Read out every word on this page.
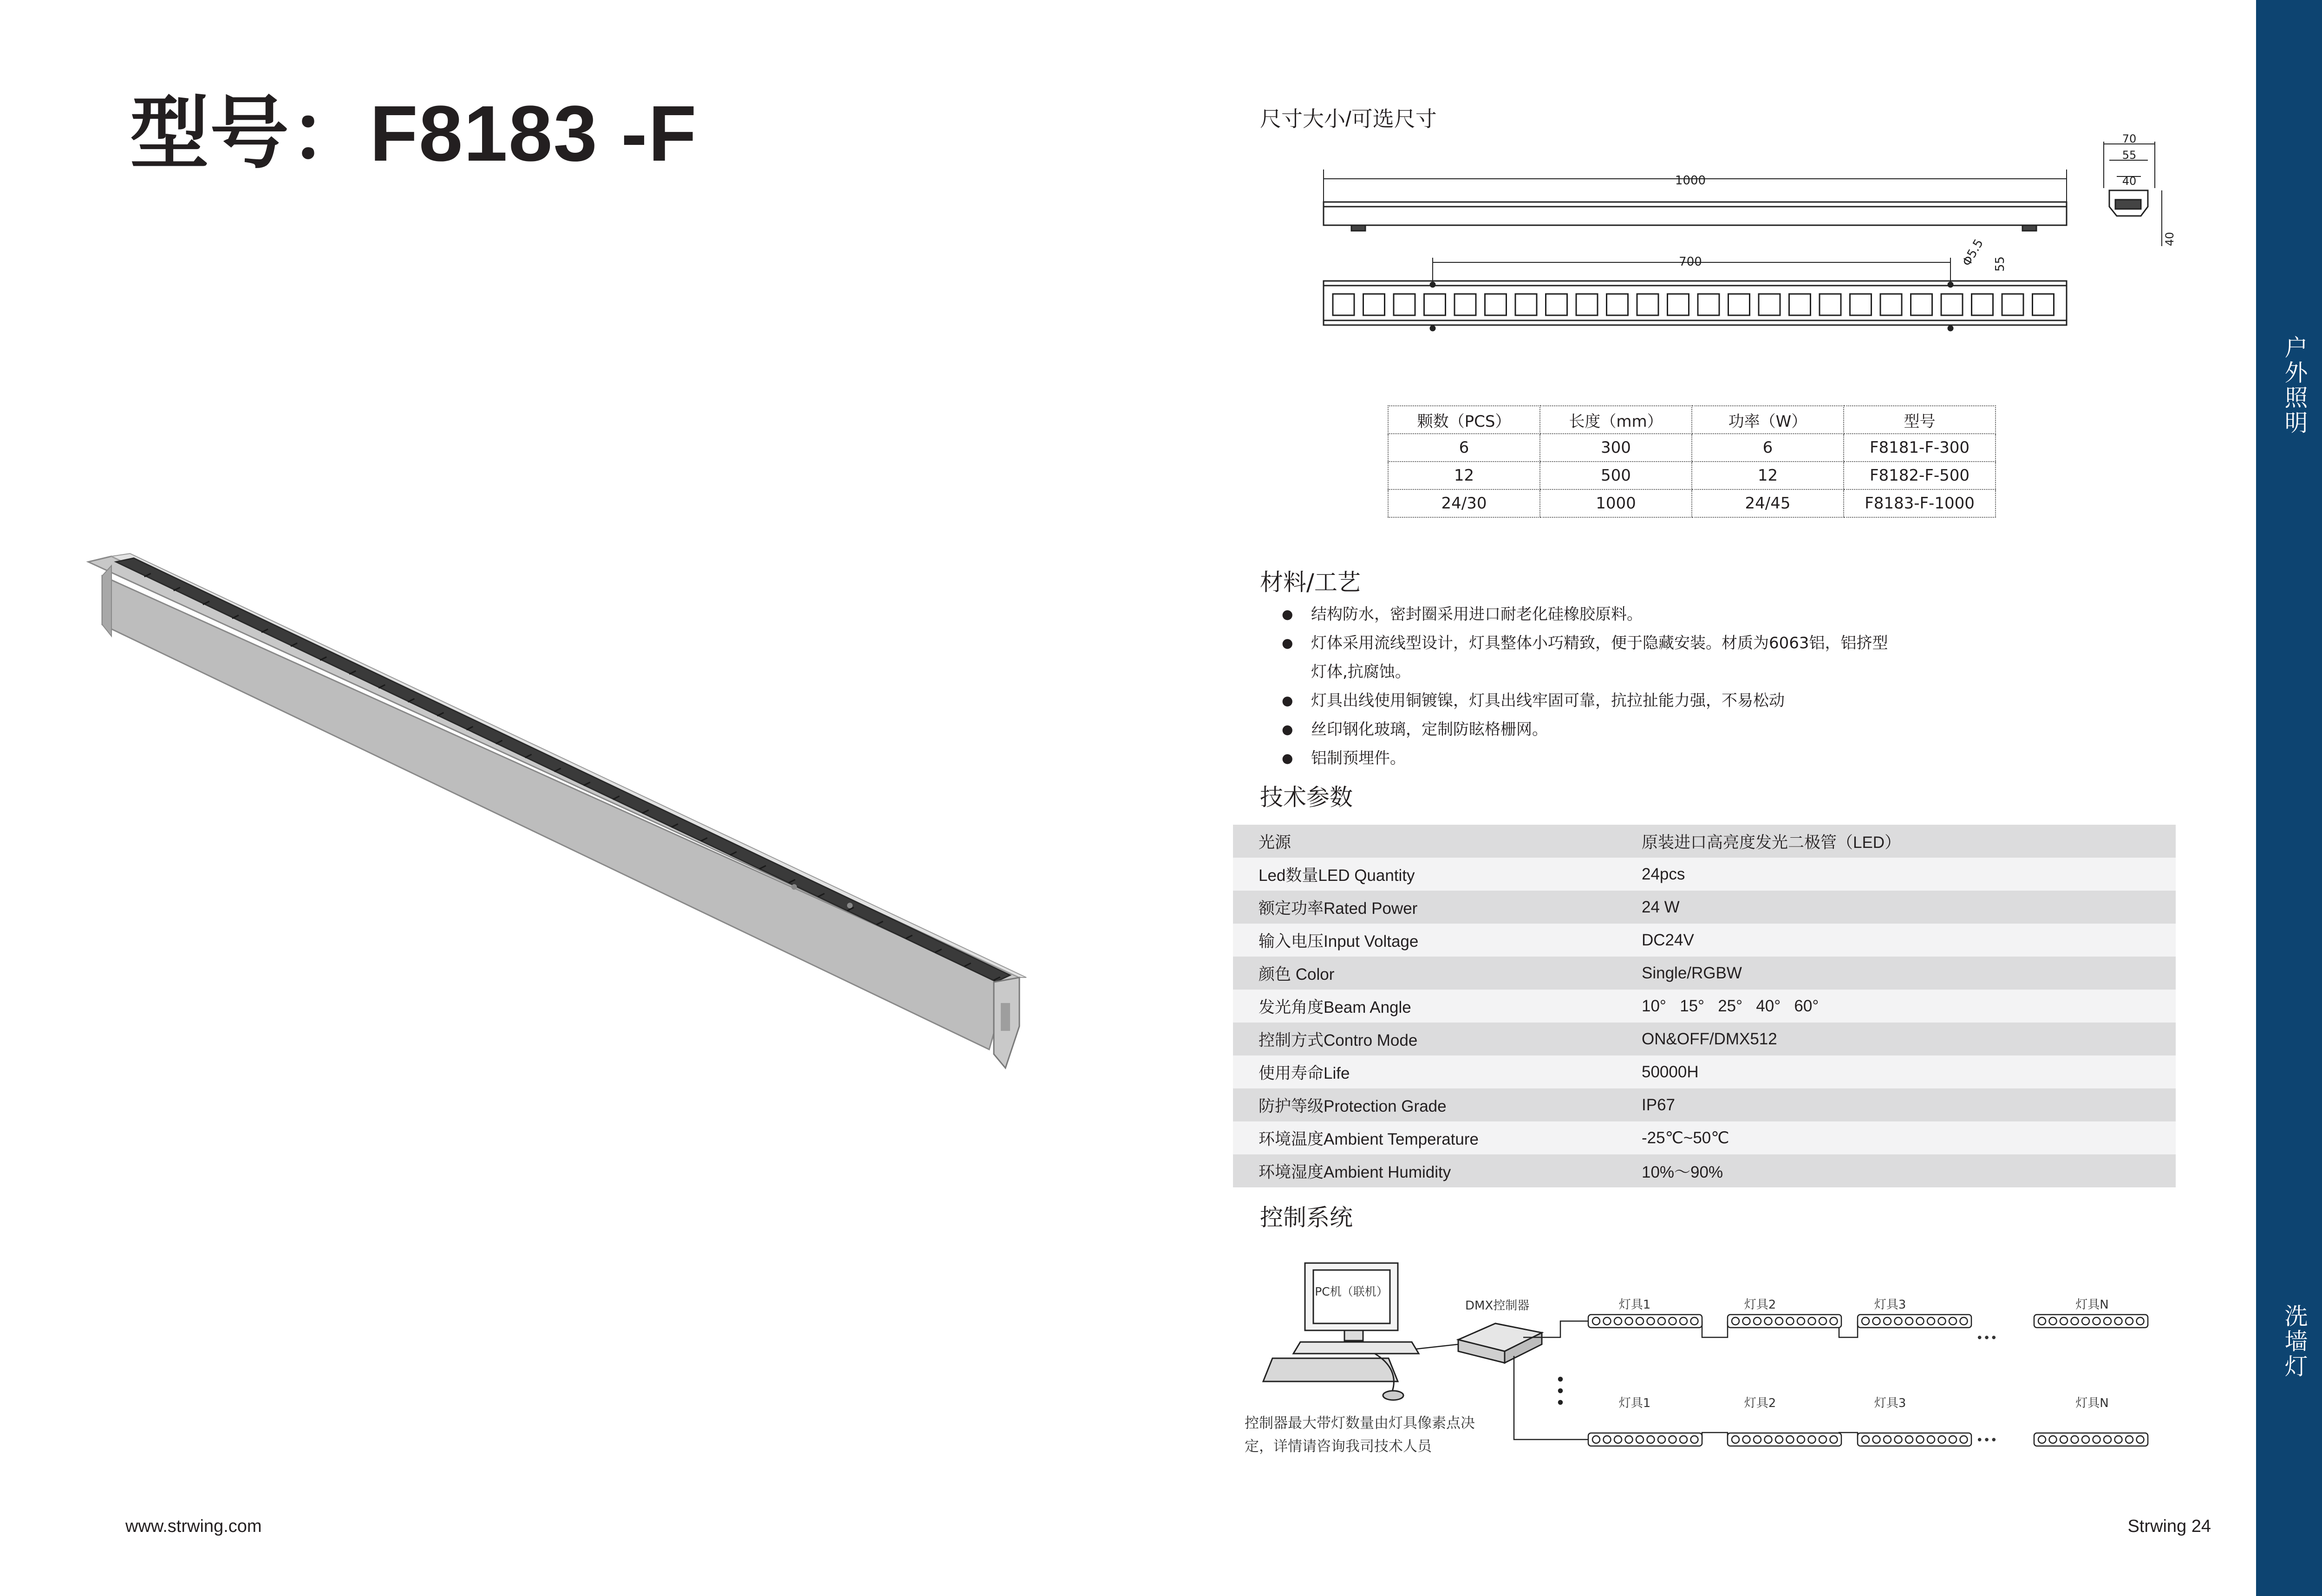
型号：F8183 -F	尺寸大小/可选尺寸
1000
700	Φ5.5 55
70
55
40
40
颗数（PCS）	长度（mm）	功率（W）	型号
6	300	6	F8181-F-300
12	500	12	F8182-F-500
24/30	1000	24/45	F8183-F-1000
材料/工艺
● 结构防水，密封圈采用进口耐老化硅橡胶原料。
● 灯体采用流线型设计，灯具整体小巧精致，便于隐藏安装。材质为6063铝，铝挤型灯体,抗腐蚀。
● 灯具出线使用铜镀镍，灯具出线牢固可靠，抗拉扯能力强，不易松动
● 丝印钢化玻璃，定制防眩格栅网。
● 铝制预埋件。
技术参数
光源	原装进口高亮度发光二极管（LED）
Led数量LED Quantity	24pcs
额定功率Rated Power	24 W
输入电压Input Voltage	DC24V
颜色 Color	Single/RGBW
发光角度Beam Angle	10°   15°   25°   40°   60°
控制方式Contro Mode	ON&OFF/DMX512
使用寿命Life	50000H
防护等级Protection Grade	IP67
环境温度Ambient Temperature	-25℃~50℃
环境湿度Ambient Humidity	10%～90%
控制系统
PC机（联机）
DMX控制器	灯具1	灯具2	灯具3	灯具N
灯具1	灯具2	灯具3	灯具N
•••
•••
控制器最大带灯数量由灯具像素点决
定，详情请咨询我司技术人员
户
外
照
明
洗
墙
灯
www.strwing.com	Strwing 24
